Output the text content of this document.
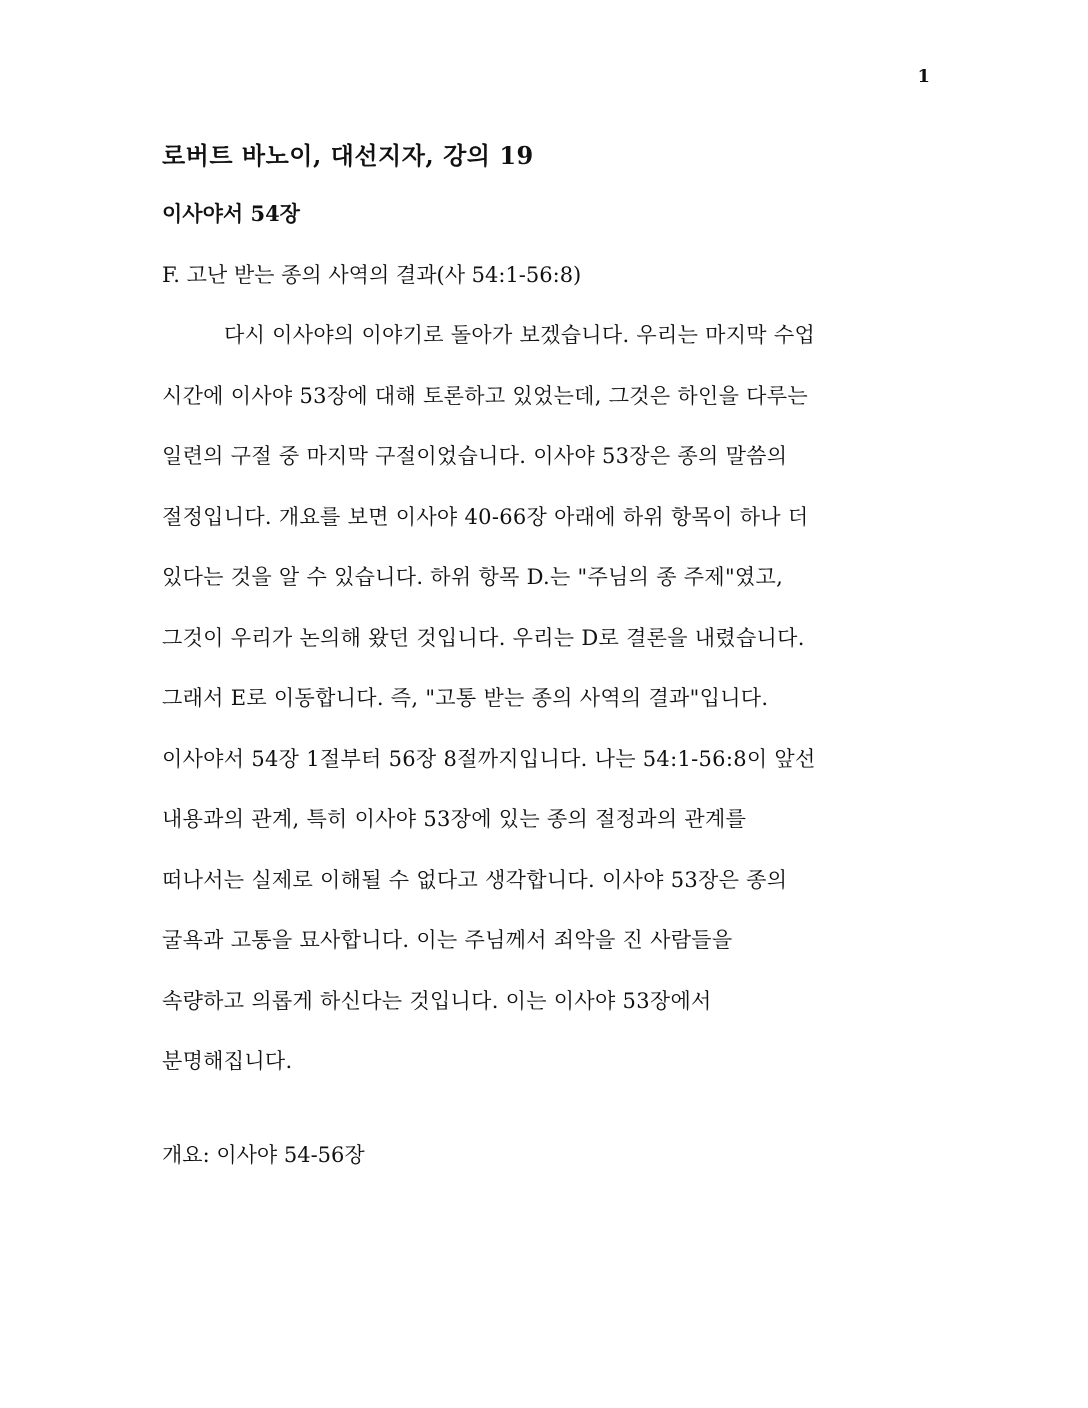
1
로버트 바노이, 대선지자, 강의 19
이사야서 54장
F. 고난 받는 종의 사역의 결과(사 54:1-56:8)
다시 이사야의 이야기로 돌아가 보겠습니다. 우리는 마지막 수업
시간에 이사야 53장에 대해 토론하고 있었는데, 그것은 하인을 다루는
일련의 구절 중 마지막 구절이었습니다. 이사야 53장은 종의 말씀의
절정입니다. 개요를 보면 이사야 40-66장 아래에 하위 항목이 하나 더
있다는 것을 알 수 있습니다. 하위 항목 D.는 "주님의 종 주제"였고,
그것이 우리가 논의해 왔던 것입니다. 우리는 D로 결론을 내렸습니다.
그래서 E로 이동합니다. 즉, "고통 받는 종의 사역의 결과"입니다.
이사야서 54장 1절부터 56장 8절까지입니다. 나는 54:1-56:8이 앞선
내용과의 관계, 특히 이사야 53장에 있는 종의 절정과의 관계를
떠나서는 실제로 이해될 수 없다고 생각합니다. 이사야 53장은 종의
굴욕과 고통을 묘사합니다. 이는 주님께서 죄악을 진 사람들을
속량하고 의롭게 하신다는 것입니다. 이는 이사야 53장에서
분명해집니다.
개요: 이사야 54-56장
